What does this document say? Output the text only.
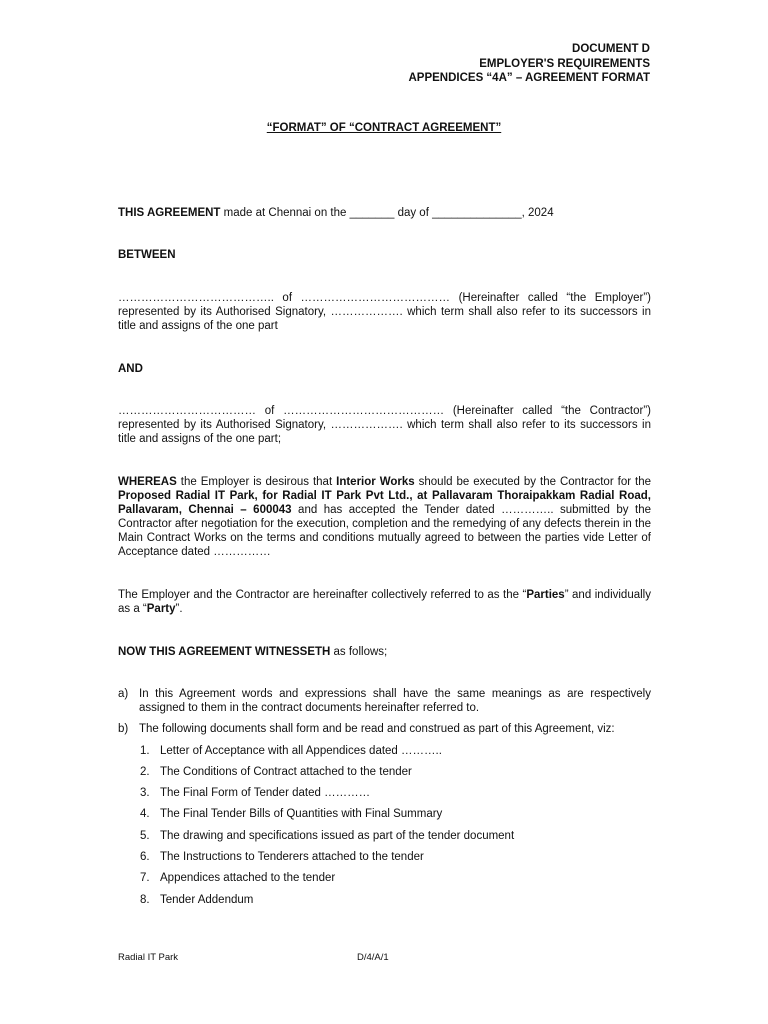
DOCUMENT D
EMPLOYER'S REQUIREMENTS
APPENDICES “4A” – AGREEMENT FORMAT
“FORMAT” OF “CONTRACT AGREEMENT”
THIS AGREEMENT made at Chennai on the _______ day of ______________, 2024
BETWEEN
………………………………….. of ………………………………… (Hereinafter called “the Employer”) represented by its Authorised Signatory, ………………. which term shall also refer to its successors in title and assigns of the one part
AND
……………………………… of …………………………………… (Hereinafter called “the Contractor”) represented by its Authorised Signatory, ………………. which term shall also refer to its successors in title and assigns of the one part;
WHEREAS the Employer is desirous that Interior Works should be executed by the Contractor for the Proposed Radial IT Park, for Radial IT Park Pvt Ltd., at Pallavaram Thoraipakkam Radial Road, Pallavaram, Chennai – 600043 and has accepted the Tender dated ………….. submitted by the Contractor after negotiation for the execution, completion and the remedying of any defects therein in the Main Contract Works on the terms and conditions mutually agreed to between the parties vide Letter of Acceptance dated ……………
The Employer and the Contractor are hereinafter collectively referred to as the “Parties” and individually as a “Party”.
NOW THIS AGREEMENT WITNESSETH as follows;
a) In this Agreement words and expressions shall have the same meanings as are respectively assigned to them in the contract documents hereinafter referred to.
b) The following documents shall form and be read and construed as part of this Agreement, viz:
1. Letter of Acceptance with all Appendices dated ………..
2. The Conditions of Contract attached to the tender
3. The Final Form of Tender dated …………
4. The Final Tender Bills of Quantities with Final Summary
5. The drawing and specifications issued as part of the tender document
6. The Instructions to Tenderers attached to the tender
7. Appendices attached to the tender
8. Tender Addendum
Radial IT Park	D/4/A/1
